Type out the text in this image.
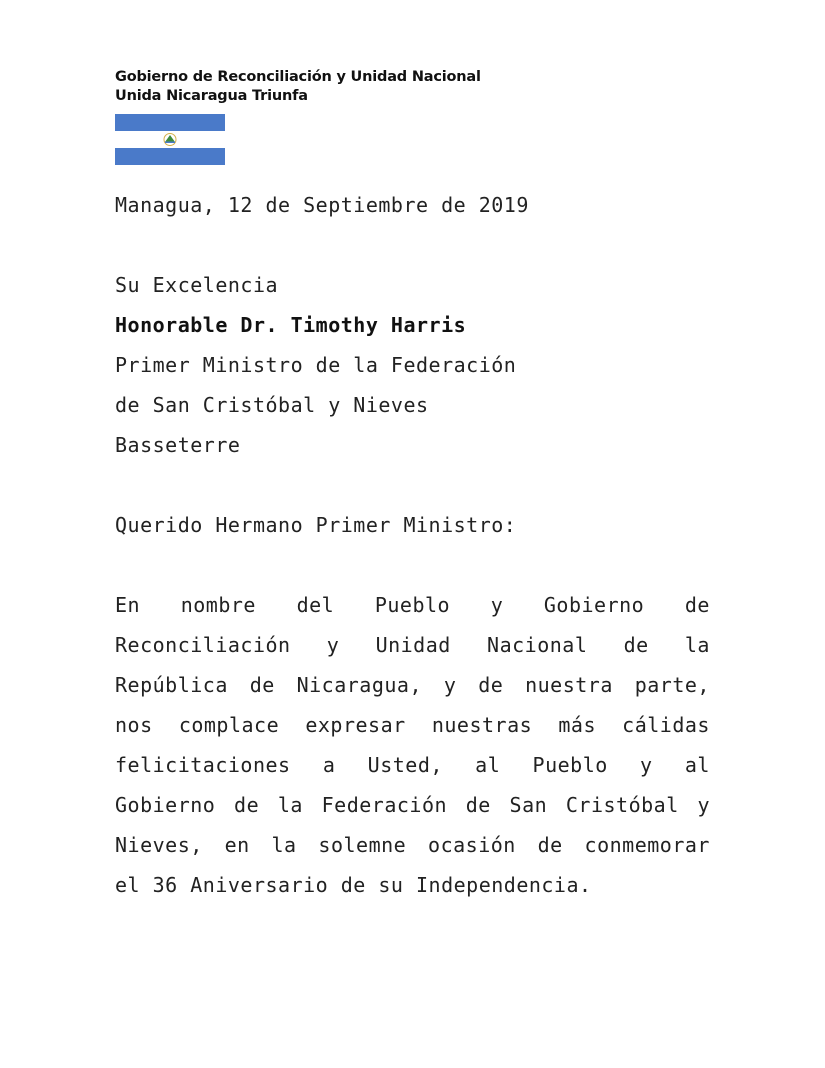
Gobierno de Reconciliación y Unidad Nacional
Unida Nicaragua Triunfa
Managua, 12 de Septiembre de 2019
Su Excelencia
Honorable Dr. Timothy Harris
Primer Ministro de la Federación
de San Cristóbal y Nieves
Basseterre
Querido Hermano Primer Ministro:
En nombre del Pueblo y Gobierno de
Reconciliación y Unidad Nacional de la
República de Nicaragua, y de nuestra parte,
nos complace expresar nuestras más cálidas
felicitaciones a Usted, al Pueblo y al
Gobierno de la Federación de San Cristóbal y
Nieves, en la solemne ocasión de conmemorar
el 36 Aniversario de su Independencia.
